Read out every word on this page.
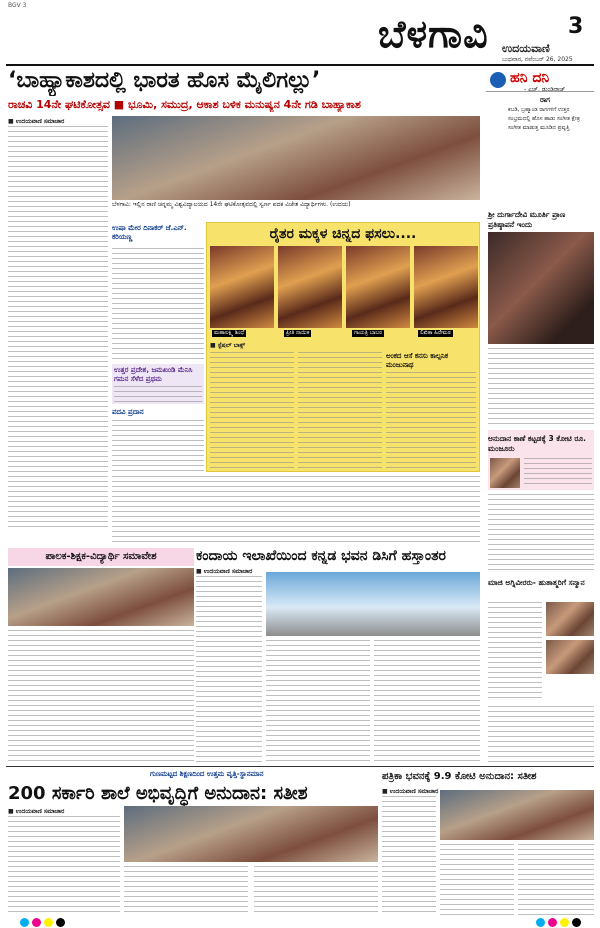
BGV 3
ಬೆಳಗಾವಿ	3
ಉದಯವಾಣಿ
ಬುಧವಾರ, ನವೆಂಬರ್ 26, 2025
‘ಬಾಹ್ಯಾಕಾಶದಲ್ಲಿ ಭಾರತ ಹೊಸ ಮೈಲಿಗಲ್ಲು’
ರಾಚವಿ 14ನೇ ಘಟಿಕೋತ್ಸವ ■ ಭೂಮಿ, ಸಮುದ್ರ, ಆಕಾಶ ಬಳಿಕ ಮನುಷ್ಯನ 4ನೇ ಗಡಿ ಬಾಹ್ಯಾಕಾಶ
■ ಉದಯವಾಣಿ ಸಮಾಚಾರ
ಬೆಳಗಾವಿ: ಇಲ್ಲಿನ ರಾಣಿ ಚನ್ನಮ್ಮ ವಿಶ್ವವಿದ್ಯಾಲಯದ 14ನೇ ಘಟಿಕೋತ್ಸವದಲ್ಲಿ ಸ್ವರ್ಣ ಪದಕ ವಿಜೇತ ವಿದ್ಯಾರ್ಥಿಗಳು. (ಉದಯ)
ಉಷಾ ಮೇರ ದಿನಾಕರ್ ಜೆ.ಎನ್. ಕರಿಯಣ್ಣ
ಉತ್ತರ ಪ್ರದೇಶ, ಜಮಖಂಡಿ ಮೆನಿಸಿ ಗಮನ ಸೆಳೆದ ಪ್ರಥಮ
ಪದವಿ ಪ್ರದಾನ
ರೈತರ ಮಕ್ಕಳ ಚಿನ್ನದ ಫಸಲು....
ಮಹಾಲಕ್ಷ್ಮಿ ಶಿಂಧೆ	ಪ್ರೀತಿ ನಾಯಿಕ	ಗಾಯತ್ರಿ ಬಾಬರ	ಲಿಖಿತಾ ಹಿರೇಮಠ
■ ಸ್ಪೆಷಲ್ ಬಾಕ್ಸ್
ಅಂಕದ ಆಸೆ ಕನಸು ಕಾಲ್ಪನಿಕ ಮಂಜುನಾಥ
ಹನಿ ದನಿ
- ಎಚ್. ಡುಂಡಿರಾಜ್
ರಾಗ
ಕಬಡಿ, ಬ್ರಹ್ಮಾಂಡ ರಾಗಗಳಿಗೆ ಉತ್ತರ ಸಂಭ್ರಮದಲ್ಲಿ ಹೊಸ ಹಾಡು ಸಂಗೀತ ಕ್ಷೇತ್ರ ಸಂಗೀತ ಮಾಡುತ್ತ ಮೂಡಿದ ಪ್ರವೃತ್ತಿ
ಶ್ರೀ ದುರ್ಗಾದೇವಿ ಮೂರ್ತಿ ಪ್ರಾಣ ಪ್ರತಿಷ್ಠಾಪನೆ ಇಂದು
ಅನುದಾನ ಕಾಣೆ ಕಟ್ಟಡಕ್ಕೆ 3 ಕೋಟಿ ರೂ. ಮಂಜೂರು
ಮಾಜಿ ಅಗ್ನಿವೀರರು- ಹುತಾತ್ಮರಿಗೆ ಸನ್ಮಾನ
ಪಾಲಕ-ಶಿಕ್ಷಕ-ವಿದ್ಯಾರ್ಥಿ ಸಮಾವೇಶ	ಕಂದಾಯ ಇಲಾಖೆಯಿಂದ ಕನ್ನಡ ಭವನ ಡಿಸಿಗೆ ಹಸ್ತಾಂತರ
■ ಉದಯವಾಣಿ ಸಮಾಚಾರ
ಗುಣಮಟ್ಟದ ಶಿಕ್ಷಣದಿಂದ ಉತ್ತಮ ವೃತ್ತಿ-ಸ್ಥಾನಮಾನ
200 ಸರ್ಕಾರಿ ಶಾಲೆ ಅಭಿವೃದ್ಧಿಗೆ ಅನುದಾನ: ಸತೀಶ
ಪತ್ರಿಕಾ ಭವನಕ್ಕೆ 9.9 ಕೋಟಿ ಅನುದಾನ: ಸತೀಶ
■ ಉದಯವಾಣಿ ಸಮಾಚಾರ
■ ಉದಯವಾಣಿ ಸಮಾಚಾರ
